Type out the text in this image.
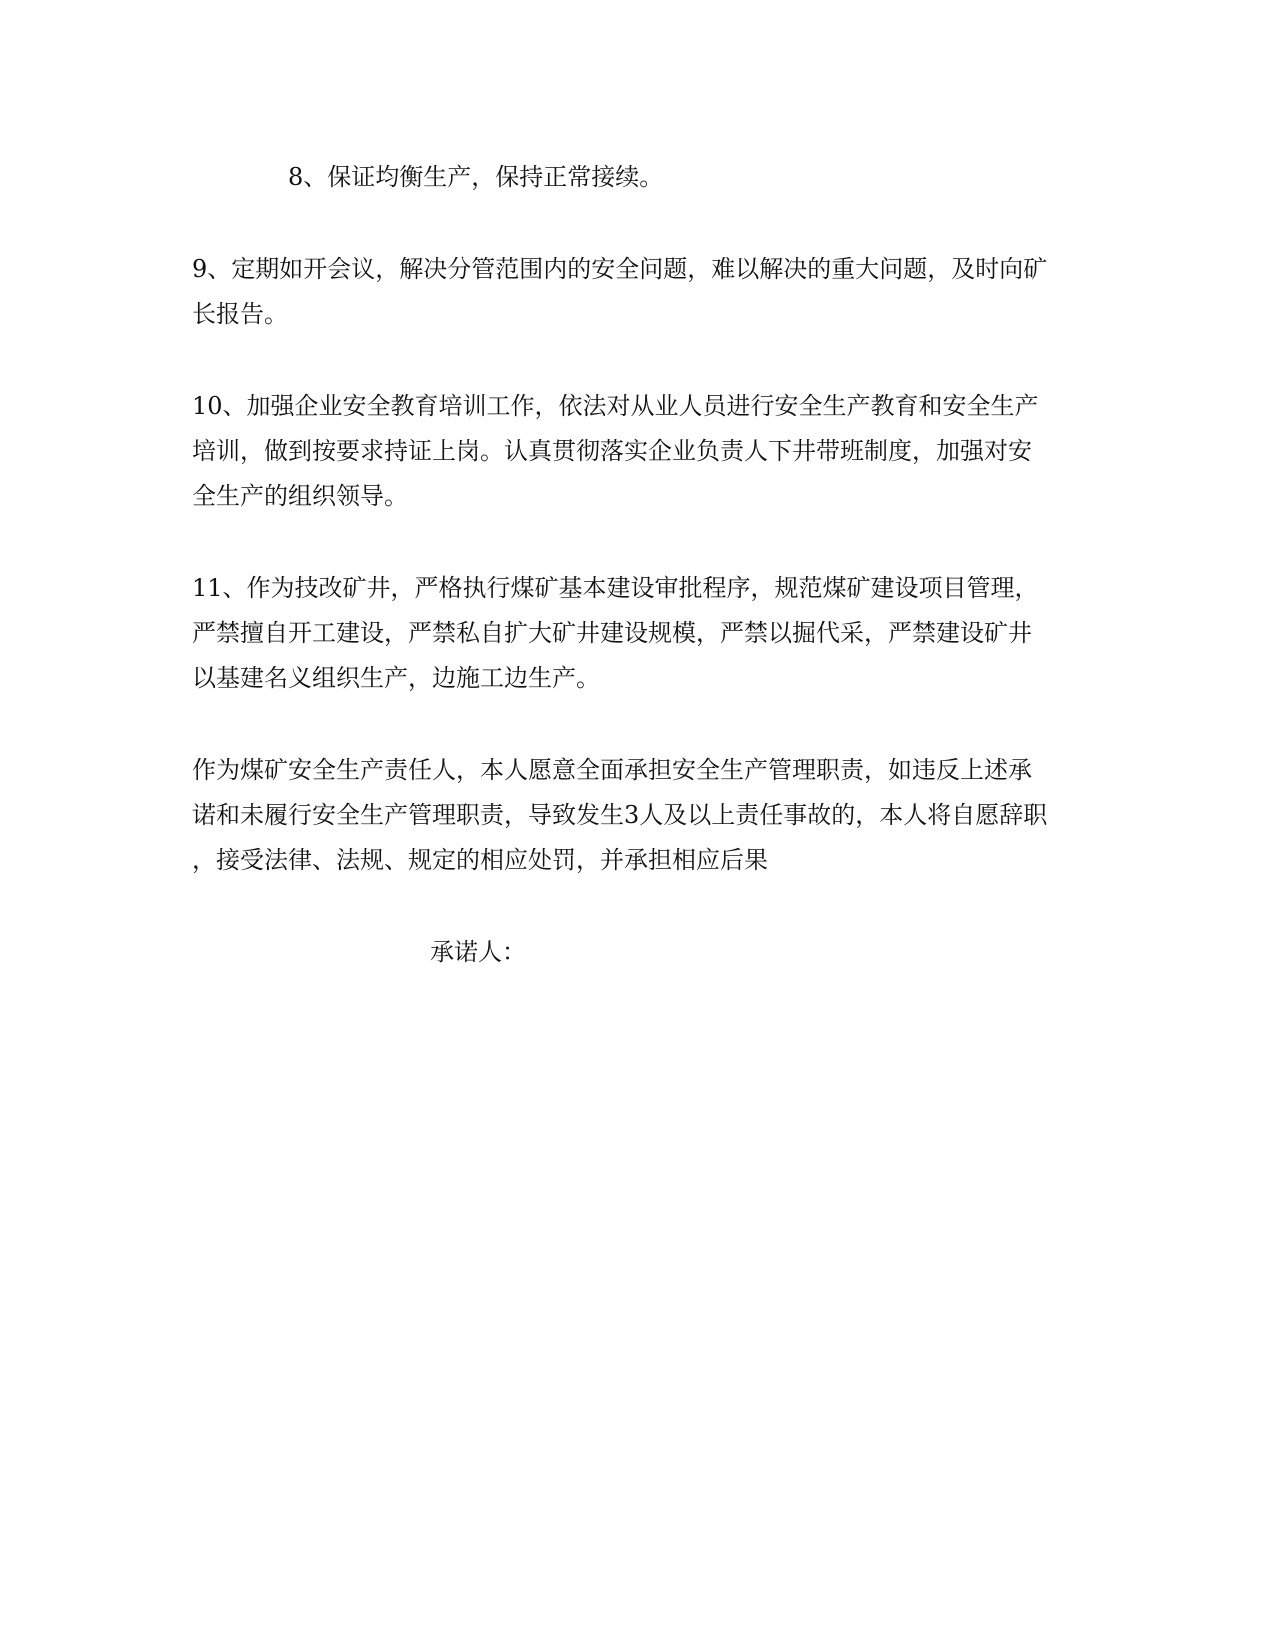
8、保证均衡生产，保持正常接续。
9、定期如开会议，解决分管范围内的安全问题，难以解决的重大问题，及时向矿
长报告。
10、加强企业安全教育培训工作，依法对从业人员进行安全生产教育和安全生产
培训，做到按要求持证上岗。认真贯彻落实企业负责人下井带班制度，加强对安
全生产的组织领导。
11、作为技改矿井，严格执行煤矿基本建设审批程序，规范煤矿建设项目管理，
严禁擅自开工建设，严禁私自扩大矿井建设规模，严禁以掘代采，严禁建设矿井
以基建名义组织生产，边施工边生产。
作为煤矿安全生产责任人，本人愿意全面承担安全生产管理职责，如违反上述承
诺和未履行安全生产管理职责，导致发生3人及以上责任事故的，本人将自愿辞职
，接受法律、法规、规定的相应处罚，并承担相应后果
承诺人：
